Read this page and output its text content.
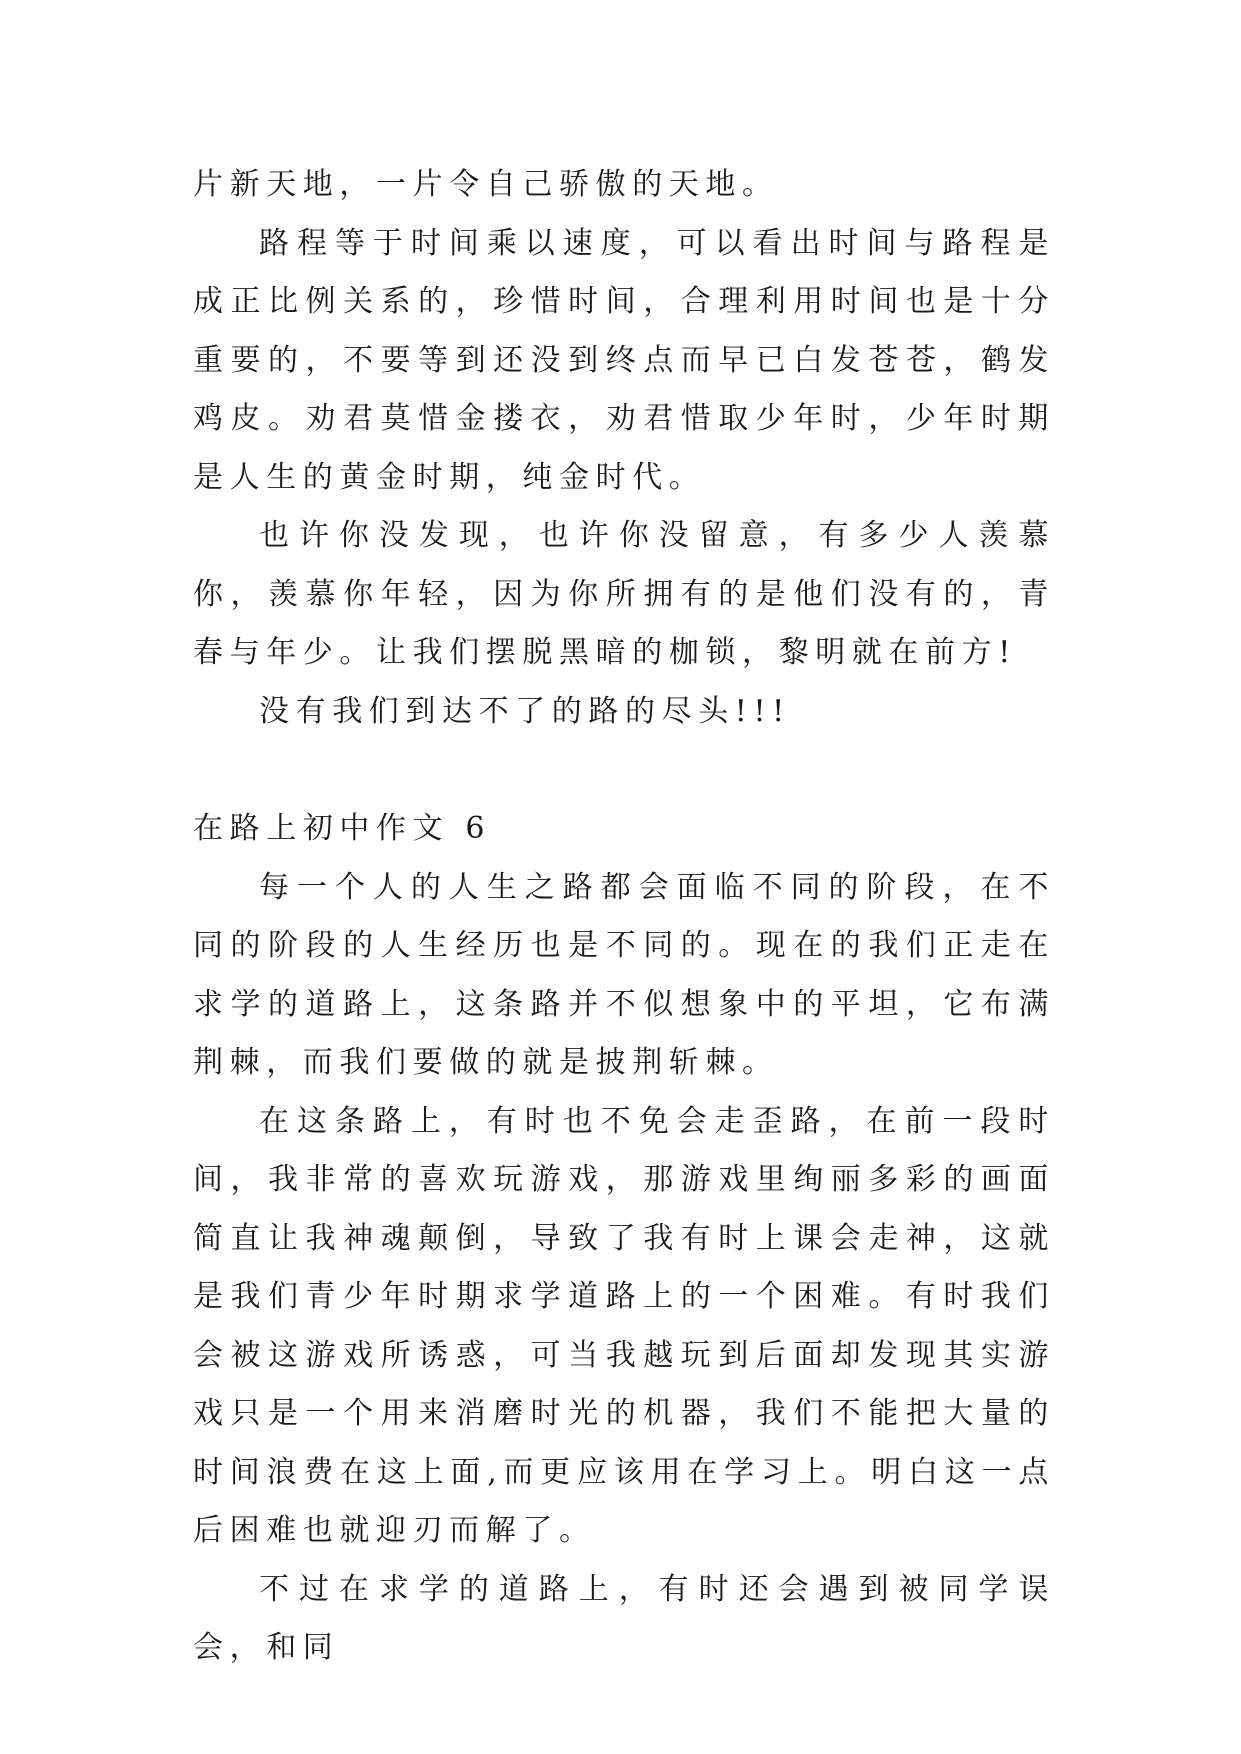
片新天地，一片令自己骄傲的天地。

路程等于时间乘以速度，可以看出时间与路程是成正比例关系的，珍惜时间，合理利用时间也是十分重要的，不要等到还没到终点而早已白发苍苍，鹤发鸡皮。劝君莫惜金搂衣，劝君惜取少年时，少年时期是人生的黄金时期，纯金时代。

也许你没发现，也许你没留意，有多少人羡慕你，羡慕你年轻，因为你所拥有的是他们没有的，青春与年少。让我们摆脱黑暗的枷锁，黎明就在前方!

没有我们到达不了的路的尽头!!!

在路上初中作文 6

每一个人的人生之路都会面临不同的阶段，在不同的阶段的人生经历也是不同的。现在的我们正走在求学的道路上，这条路并不似想象中的平坦，它布满荆棘，而我们要做的就是披荆斩棘。

在这条路上，有时也不免会走歪路，在前一段时间，我非常的喜欢玩游戏，那游戏里绚丽多彩的画面简直让我神魂颠倒，导致了我有时上课会走神，这就是我们青少年时期求学道路上的一个困难。有时我们会被这游戏所诱惑，可当我越玩到后面却发现其实游戏只是一个用来消磨时光的机器，我们不能把大量的时间浪费在这上面,而更应该用在学习上。明白这一点后困难也就迎刃而解了。

不过在求学的道路上，有时还会遇到被同学误会，和同
